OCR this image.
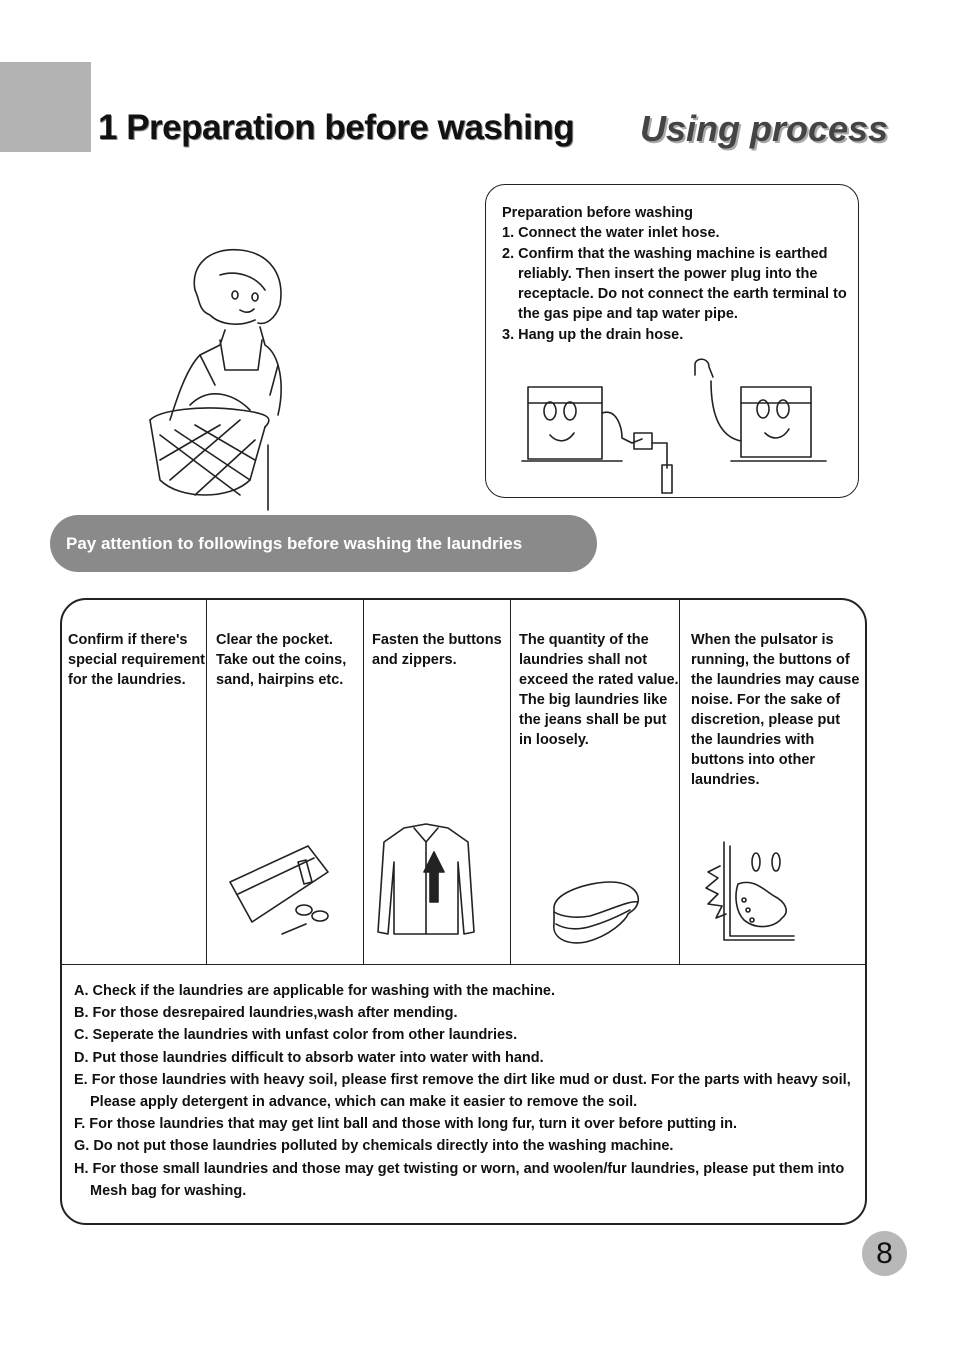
1 Preparation before washing Using process
Preparation before washing
1. Connect the water inlet hose.
2. Confirm that the washing machine is earthed reliably. Then insert the power plug into the receptacle. Do not connect the earth terminal to the gas pipe and tap water pipe.
3. Hang up the drain hose.
Pay attention to followings before washing the laundries
Confirm if there's special requirement for the laundries.
Clear the pocket. Take out the coins, sand, hairpins etc.
Fasten the buttons and zippers.
The quantity of the laundries shall not exceed the rated value. The big laundries like the jeans shall be put in loosely.
When the pulsator is running, the buttons of the laundries may cause noise. For the sake of discretion, please put the laundries with buttons into other laundries.
A. Check if the laundries are applicable for washing with the machine.
B. For those desrepaired laundries,wash after mending.
C. Seperate the laundries with unfast color from other laundries.
D. Put those laundries difficult to absorb water into water with hand.
E. For those laundries with heavy soil, please first remove the dirt like mud or dust. For the parts with heavy soil, Please apply detergent in advance, which can make it easier to remove the soil.
F. For those laundries that may get lint ball and those with long fur, turn it over before putting in.
G. Do not put those laundries polluted by chemicals directly into the washing machine.
H. For those small laundries and those may get twisting or worn, and woolen/fur laundries, please put them into Mesh bag for washing.
8
